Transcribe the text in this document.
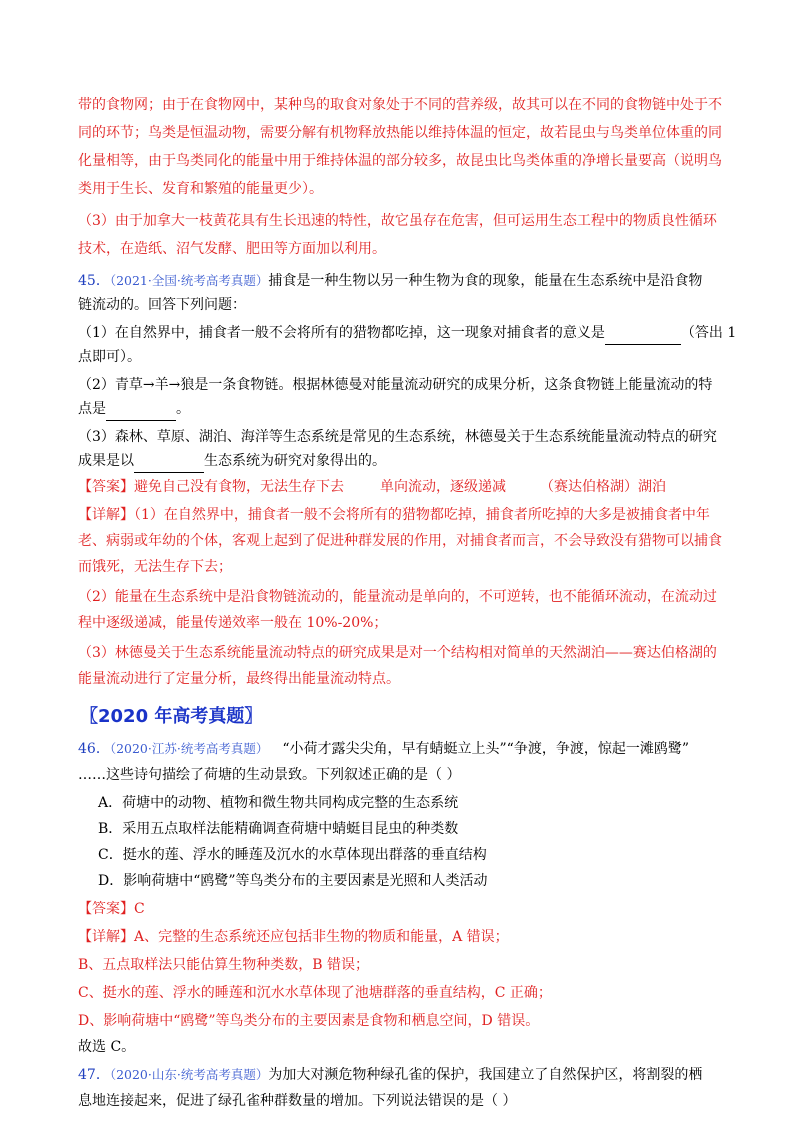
带的食物网；由于在食物网中，某种鸟的取食对象处于不同的营养级，故其可以在不同的食物链中处于不
同的环节；鸟类是恒温动物，需要分解有机物释放热能以维持体温的恒定，故若昆虫与鸟类单位体重的同
化量相等，由于鸟类同化的能量中用于维持体温的部分较多，故昆虫比鸟类体重的净增长量要高（说明鸟
类用于生长、发育和繁殖的能量更少）。
（3）由于加拿大一枝黄花具有生长迅速的特性，故它虽存在危害，但可运用生态工程中的物质良性循环
技术，在造纸、沼气发酵、肥田等方面加以利用。
45．（2021·全国·统考高考真题）捕食是一种生物以另一种生物为食的现象，能量在生态系统中是沿食物
链流动的。回答下列问题：
（1）在自然界中，捕食者一般不会将所有的猎物都吃掉，这一现象对捕食者的意义是	（答出 1
点即可）。
（2）青草→羊→狼是一条食物链。根据林德曼对能量流动研究的成果分析，这条食物链上能量流动的特
点是	。
（3）森林、草原、湖泊、海洋等生态系统是常见的生态系统，林德曼关于生态系统能量流动特点的研究
成果是以	生态系统为研究对象得出的。
【答案】避免自己没有食物，无法生存下去	单向流动，逐级递减 （赛达伯格湖）湖泊
【详解】（1）在自然界中，捕食者一般不会将所有的猎物都吃掉，捕食者所吃掉的大多是被捕食者中年
老、病弱或年幼的个体，客观上起到了促进种群发展的作用，对捕食者而言，不会导致没有猎物可以捕食
而饿死，无法生存下去；
（2）能量在生态系统中是沿食物链流动的，能量流动是单向的，不可逆转，也不能循环流动，在流动过
程中逐级递减，能量传递效率一般在 10%-20%；
（3）林德曼关于生态系统能量流动特点的研究成果是对一个结构相对简单的天然湖泊——赛达伯格湖的
能量流动进行了定量分析，最终得出能量流动特点。
〖2020 年高考真题〗
46．（2020·江苏·统考高考真题） “小荷才露尖尖角，早有蜻蜓立上头”“争渡，争渡，惊起一滩鸥鹭”
……这些诗句描绘了荷塘的生动景致。下列叙述正确的是（ ）
A．荷塘中的动物、植物和微生物共同构成完整的生态系统
B．采用五点取样法能精确调查荷塘中蜻蜓目昆虫的种类数
C．挺水的莲、浮水的睡莲及沉水的水草体现出群落的垂直结构
D．影响荷塘中“鸥鹭”等鸟类分布的主要因素是光照和人类活动
【答案】C
【详解】A、完整的生态系统还应包括非生物的物质和能量，A 错误；
B、五点取样法只能估算生物种类数，B 错误；
C、挺水的莲、浮水的睡莲和沉水水草体现了池塘群落的垂直结构，C 正确；
D、影响荷塘中“鸥鹭”等鸟类分布的主要因素是食物和栖息空间，D 错误。
故选 C。
47．（2020·山东·统考高考真题）为加大对濒危物种绿孔雀的保护，我国建立了自然保护区，将割裂的栖
息地连接起来，促进了绿孔雀种群数量的增加。下列说法错误的是（ ）
